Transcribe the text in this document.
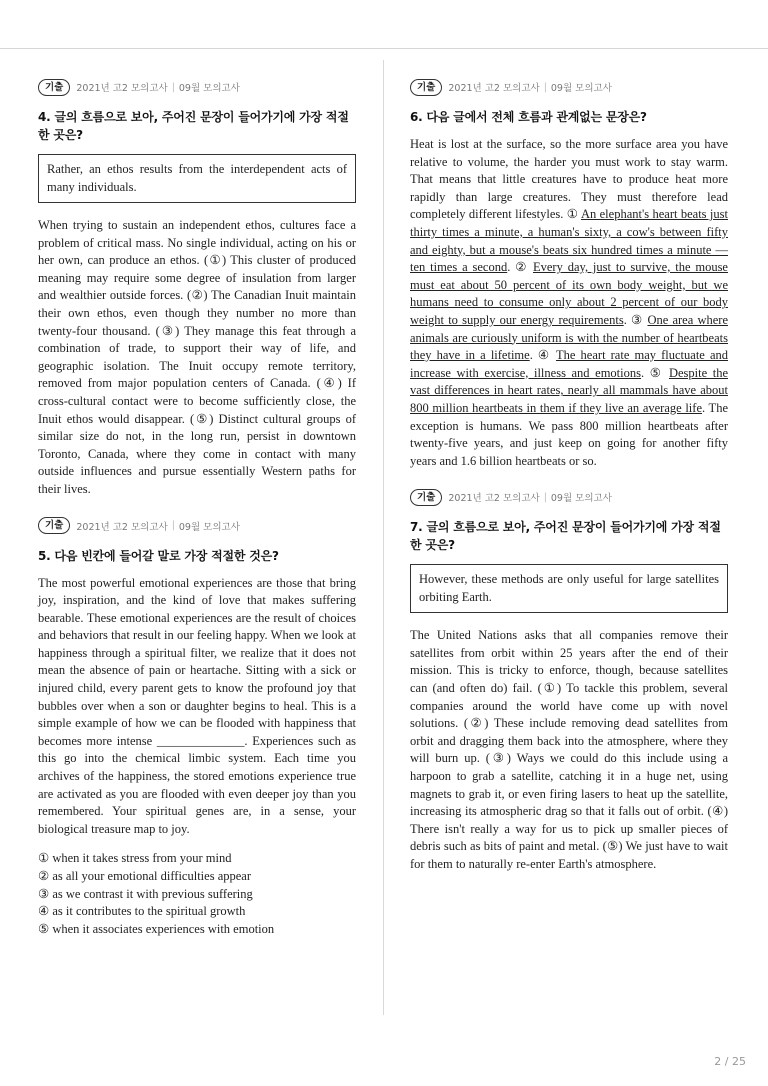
기출	2021년 고2 모의고사 | 09월 모의고사
4. 글의 흐름으로 보아, 주어진 문장이 들어가기에 가장 적절한 곳은?
Rather, an ethos results from the interdependent acts of many individuals.
When trying to sustain an independent ethos, cultures face a problem of critical mass. No single individual, acting on his or her own, can produce an ethos. (①) This cluster of produced meaning may require some degree of insulation from larger and wealthier outside forces. (②) The Canadian Inuit maintain their own ethos, even though they number no more than twenty-four thousand. (③) They manage this feat through a combination of trade, to support their way of life, and geographic isolation. The Inuit occupy remote territory, removed from major population centers of Canada. (④) If cross-cultural contact were to become sufficiently close, the Inuit ethos would disappear. (⑤) Distinct cultural groups of similar size do not, in the long run, persist in downtown Toronto, Canada, where they come in contact with many outside influences and pursue essentially Western paths for their lives.
기출	2021년 고2 모의고사 | 09월 모의고사
5. 다음 빈칸에 들어갈 말로 가장 적절한 것은?
The most powerful emotional experiences are those that bring joy, inspiration, and the kind of love that makes suffering bearable. These emotional experiences are the result of choices and behaviors that result in our feeling happy. When we look at happiness through a spiritual filter, we realize that it does not mean the absence of pain or heartache. Sitting with a sick or injured child, every parent gets to know the profound joy that bubbles over when a son or daughter begins to heal. This is a simple example of how we can be flooded with happiness that becomes more intense ______________. Experiences such as this go into the chemical limbic system. Each time you archives of the happiness, the stored emotions experience true are activated as you are flooded with even deeper joy than you remembered. Your spiritual genes are, in a sense, your biological treasure map to joy.
① when it takes stress from your mind
② as all your emotional difficulties appear
③ as we contrast it with previous suffering
④ as it contributes to the spiritual growth
⑤ when it associates experiences with emotion
기출	2021년 고2 모의고사 | 09월 모의고사
6. 다음 글에서 전체 흐름과 관계없는 문장은?
Heat is lost at the surface, so the more surface area you have relative to volume, the harder you must work to stay warm. That means that little creatures have to produce heat more rapidly than large creatures. They must therefore lead completely different lifestyles. ① An elephant's heart beats just thirty times a minute, a human's sixty, a cow's between fifty and eighty, but a mouse's beats six hundred times a minute — ten times a second. ② Every day, just to survive, the mouse must eat about 50 percent of its own body weight, but we humans need to consume only about 2 percent of our body weight to supply our energy requirements. ③ One area where animals are curiously uniform is with the number of heartbeats they have in a lifetime. ④ The heart rate may fluctuate and increase with exercise, illness and emotions. ⑤ Despite the vast differences in heart rates, nearly all mammals have about 800 million heartbeats in them if they live an average life. The exception is humans. We pass 800 million heartbeats after twenty-five years, and just keep on going for another fifty years and 1.6 billion heartbeats or so.
기출	2021년 고2 모의고사 | 09월 모의고사
7. 글의 흐름으로 보아, 주어진 문장이 들어가기에 가장 적절한 곳은?
However, these methods are only useful for large satellites orbiting Earth.
The United Nations asks that all companies remove their satellites from orbit within 25 years after the end of their mission. This is tricky to enforce, though, because satellites can (and often do) fail. (①) To tackle this problem, several companies around the world have come up with novel solutions. (②) These include removing dead satellites from orbit and dragging them back into the atmosphere, where they will burn up. (③) Ways we could do this include using a harpoon to grab a satellite, catching it in a huge net, using magnets to grab it, or even firing lasers to heat up the satellite, increasing its atmospheric drag so that it falls out of orbit. (④) There isn't really a way for us to pick up smaller pieces of debris such as bits of paint and metal. (⑤) We just have to wait for them to naturally re-enter Earth's atmosphere.
2 / 25
